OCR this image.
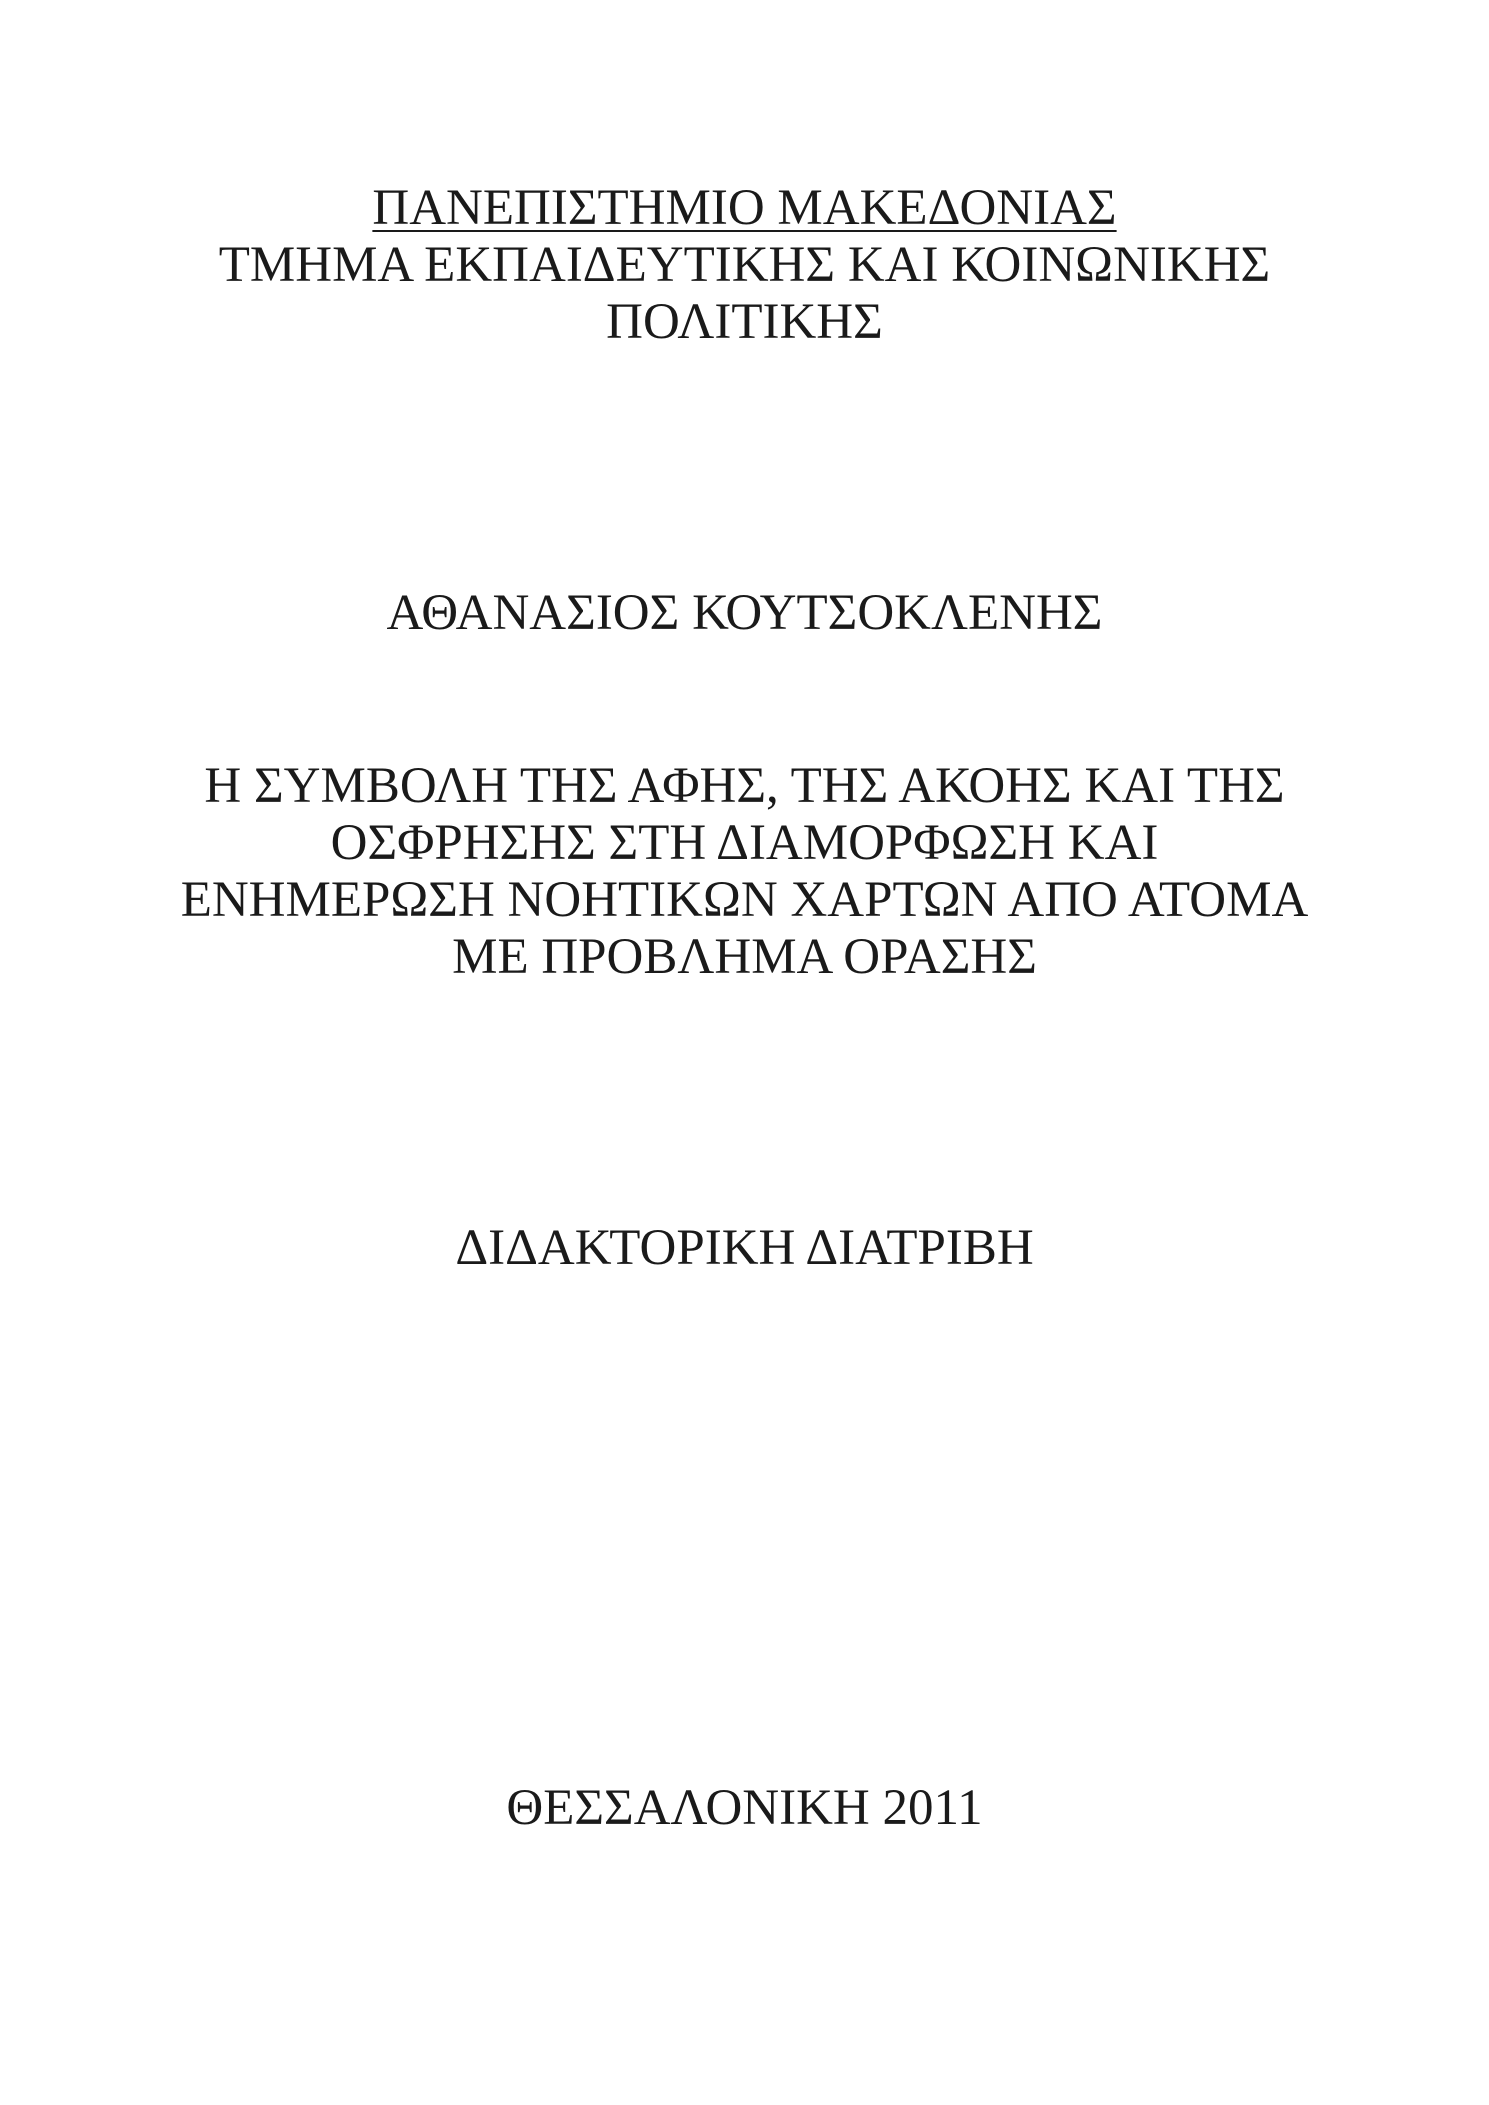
ΠΑΝΕΠΙΣΤΗΜΙΟ ΜΑΚΕΔΟΝΙΑΣ
ΤΜΗΜΑ ΕΚΠΑΙΔΕΥΤΙΚΗΣ ΚΑΙ ΚΟΙΝΩΝΙΚΗΣ
ΠΟΛΙΤΙΚΗΣ
ΑΘΑΝΑΣΙΟΣ ΚΟΥΤΣΟΚΛΕΝΗΣ
Η ΣΥΜΒΟΛΗ ΤΗΣ ΑΦΗΣ, ΤΗΣ ΑΚΟΗΣ ΚΑΙ ΤΗΣ
ΟΣΦΡΗΣΗΣ ΣΤΗ ΔΙΑΜΟΡΦΩΣΗ ΚΑΙ
ΕΝΗΜΕΡΩΣΗ ΝΟΗΤΙΚΩΝ ΧΑΡΤΩΝ ΑΠΟ ΑΤΟΜΑ
ΜΕ ΠΡΟΒΛΗΜΑ ΟΡΑΣΗΣ
ΔΙΔΑΚΤΟΡΙΚΗ ΔΙΑΤΡΙΒΗ
ΘΕΣΣΑΛΟΝΙΚΗ 2011
